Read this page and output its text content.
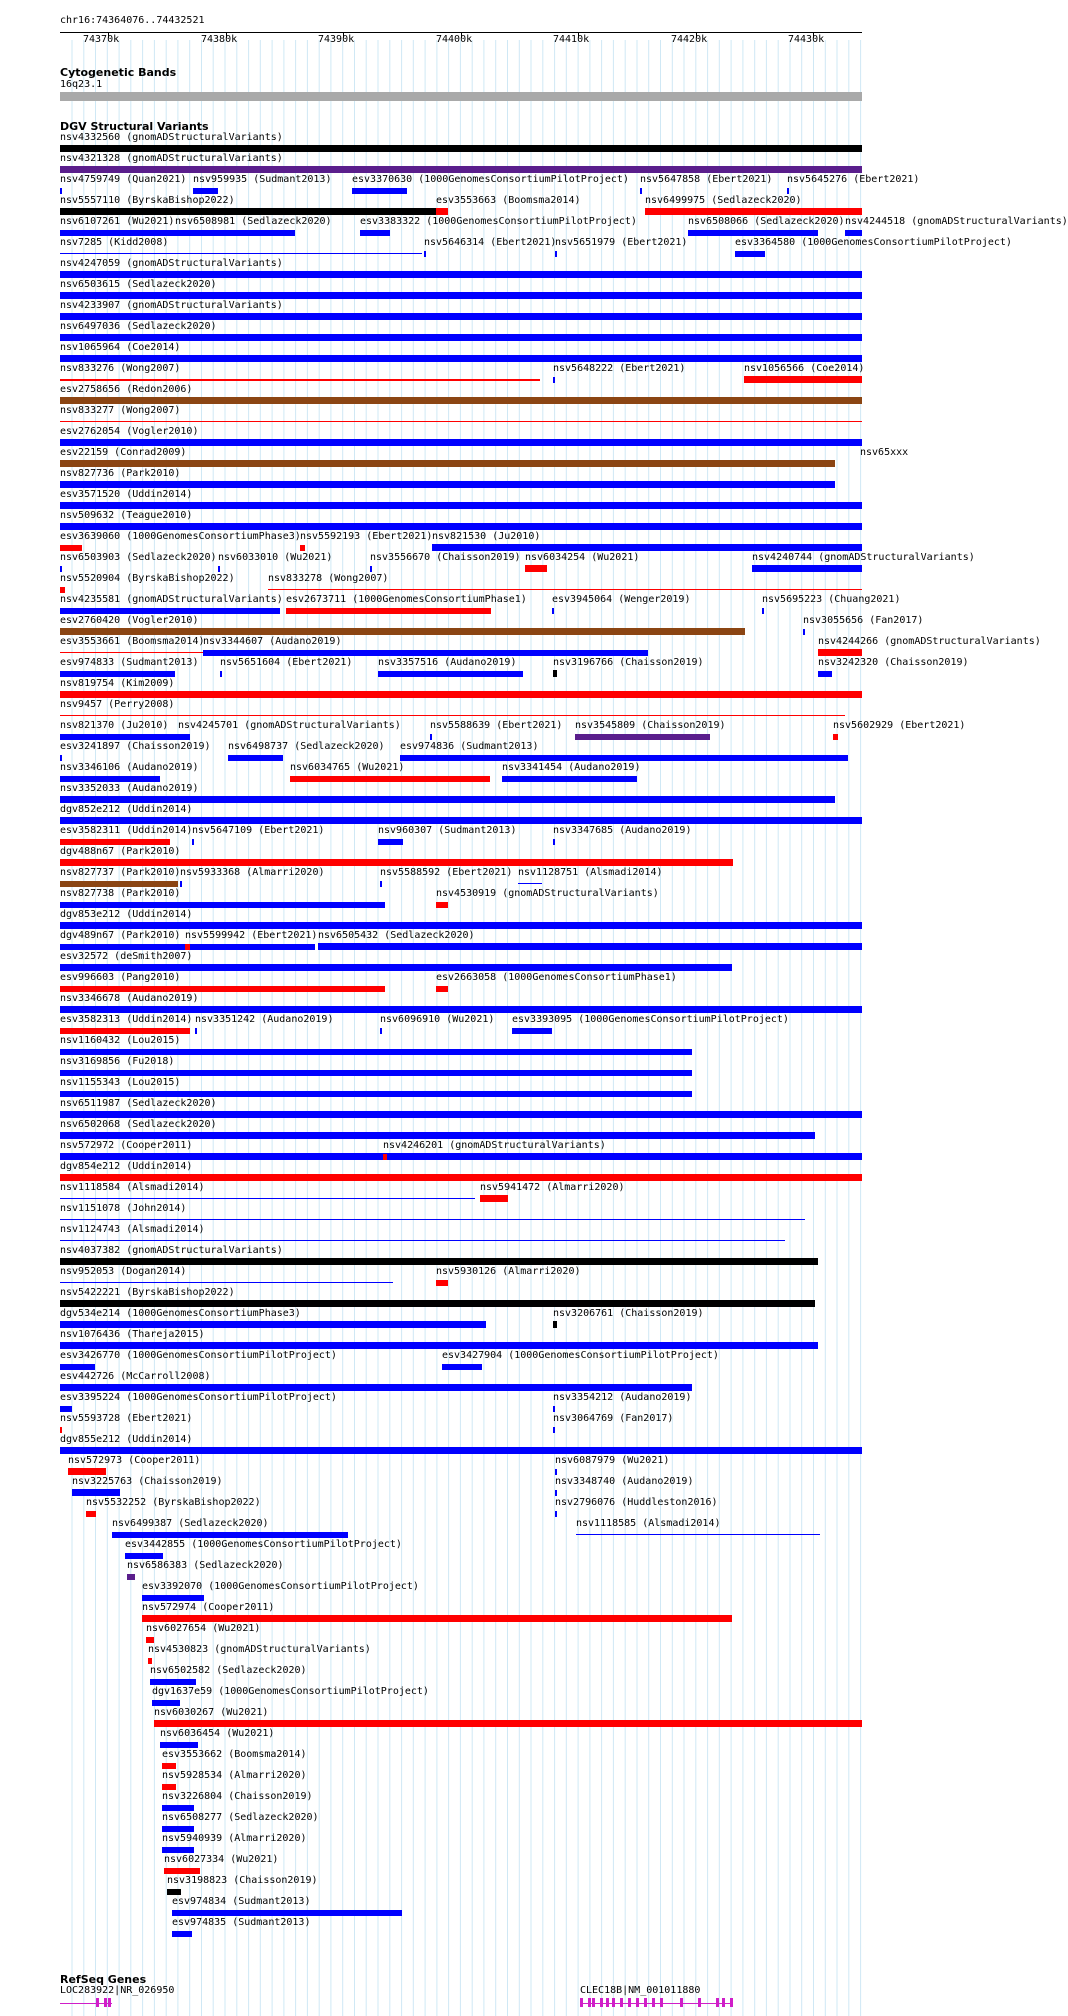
chr16:74364076..74432521
74370k	74380k	74390k	74400k	74410k	74420k	74430k
Cytogenetic Bands
16q23.1
DGV Structural Variants
nsv4332560 (gnomADStructuralVariants)
nsv4321328 (gnomADStructuralVariants)
nsv4759749 (Quan2021) nsv959935 (Sudmant2013) esv3370630 (1000GenomesConsortiumPilotProject) nsv5647858 (Ebert2021) nsv5645276 (Ebert2021)
nsv5557110 (ByrskaBishop2022)	esv3553663 (Boomsma2014)	nsv6499975 (Sedlazeck2020)
nsv6107261 (Wu2021) nsv6508981 (Sedlazeck2020)	esv3383322 (1000GenomesConsortiumPilotProject)	nsv6508066 (Sedlazeck2020) nsv4244518 (gnomADStructuralVariants)
nsv7285 (Kidd2008)	nsv5646314 (Ebert2021)
nsv5651979 (Ebert2021)	esv3364580 (1000GenomesConsortiumPilotProject)
nsv4247059 (gnomADStructuralVariants)
nsv6503615 (Sedlazeck2020)
nsv4233907 (gnomADStructuralVariants)
nsv6497036 (Sedlazeck2020)
nsv1065964 (Coe2014)
nsv833276 (Wong2007)	nsv5648222 (Ebert2021)	nsv1056566 (Coe2014)
esv2758656 (Redon2006)
nsv833277 (Wong2007)
esv2762054 (Vogler2010)
esv22159 (Conrad2009)	nsv65xxx
nsv827736 (Park2010)
esv3571520 (Uddin2014)
nsv509632 (Teague2010)
esv3639060 (1000GenomesConsortiumPhase3) nsv5592193 (Ebert2021) nsv821530 (Ju2010)
nsv6503903 (Sedlazeck2020) nsv6033010 (Wu2021)	nsv3556670 (Chaisson2019) nsv6034254 (Wu2021)	nsv4240744 (gnomADStructuralVariants)
nsv5520904 (ByrskaBishop2022)	nsv833278 (Wong2007)
nsv4235581 (gnomADStructuralVariants) esv2673711 (1000GenomesConsortiumPhase1)	esv3945064 (Wenger2019)	nsv5695223 (Chuang2021)
esv2760420 (Vogler2010)	nsv3055656 (Fan2017)
esv3553661 (Boomsma2014)
nsv3344607 (Audano2019)	nsv4244266 (gnomADStructuralVariants)
esv974833 (Sudmant2013) nsv5651604 (Ebert2021)	nsv3357516 (Audano2019)	nsv3196766 (Chaisson2019)	nsv3242320 (Chaisson2019)
nsv819754 (Kim2009)
nsv9457 (Perry2008)
nsv821370 (Ju2010) nsv4245701 (gnomADStructuralVariants)	nsv5588639 (Ebert2021) nsv3545809 (Chaisson2019)	nsv5602929 (Ebert2021)
esv3241897 (Chaisson2019) nsv6498737 (Sedlazeck2020) esv974836 (Sudmant2013)
nsv3346106 (Audano2019)	nsv6034765 (Wu2021)	nsv3341454 (Audano2019)
nsv3352033 (Audano2019)
dgv852e212 (Uddin2014)
esv3582311 (Uddin2014) nsv5647109 (Ebert2021)	nsv960307 (Sudmant2013)	nsv3347685 (Audano2019)
dgv488n67 (Park2010)
nsv827737 (Park2010) nsv5933368 (Almarri2020)	nsv5588592 (Ebert2021) nsv1128751 (Alsmadi2014)
nsv827738 (Park2010)	nsv4530919 (gnomADStructuralVariants)
dgv853e212 (Uddin2014)
dgv489n67 (Park2010) nsv5599942 (Ebert2021) nsv6505432 (Sedlazeck2020)
esv32572 (deSmith2007)
esv996603 (Pang2010)	esv2663058 (1000GenomesConsortiumPhase1)
nsv3346678 (Audano2019)
esv3582313 (Uddin2014) nsv3351242 (Audano2019)	nsv6096910 (Wu2021) esv3393095 (1000GenomesConsortiumPilotProject)
nsv1160432 (Lou2015)
nsv3169856 (Fu2018)
nsv1155343 (Lou2015)
nsv6511987 (Sedlazeck2020)
nsv6502068 (Sedlazeck2020)
nsv572972 (Cooper2011)	nsv4246201 (gnomADStructuralVariants)
dgv854e212 (Uddin2014)
nsv1118584 (Alsmadi2014)	nsv5941472 (Almarri2020)
nsv1151078 (John2014)
nsv1124743 (Alsmadi2014)
nsv4037382 (gnomADStructuralVariants)
nsv952053 (Dogan2014)	nsv5930126 (Almarri2020)
nsv5422221 (ByrskaBishop2022)
dgv534e214 (1000GenomesConsortiumPhase3)	nsv3206761 (Chaisson2019)
nsv1076436 (Thareja2015)
esv3426770 (1000GenomesConsortiumPilotProject)	esv3427904 (1000GenomesConsortiumPilotProject)
esv442726 (McCarroll2008)
esv3395224 (1000GenomesConsortiumPilotProject)	nsv3354212 (Audano2019)
nsv5593728 (Ebert2021)	nsv3064769 (Fan2017)
dgv855e212 (Uddin2014)
nsv572973 (Cooper2011)	nsv6087979 (Wu2021)
nsv3225763 (Chaisson2019)	nsv3348740 (Audano2019)
nsv5532252 (ByrskaBishop2022)	nsv2796076 (Huddleston2016)
nsv6499387 (Sedlazeck2020)	nsv1118585 (Alsmadi2014)
esv3442855 (1000GenomesConsortiumPilotProject)
nsv6586383 (Sedlazeck2020)
esv3392070 (1000GenomesConsortiumPilotProject)
nsv572974 (Cooper2011)
nsv6027654 (Wu2021)
nsv4530823 (gnomADStructuralVariants)
nsv6502582 (Sedlazeck2020)
dgv1637e59 (1000GenomesConsortiumPilotProject)
nsv6030267 (Wu2021)
nsv6036454 (Wu2021)
esv3553662 (Boomsma2014)
nsv5928534 (Almarri2020)
nsv3226804 (Chaisson2019)
nsv6508277 (Sedlazeck2020)
nsv5940939 (Almarri2020)
nsv6027334 (Wu2021)
nsv3198823 (Chaisson2019)
esv974834 (Sudmant2013)
esv974835 (Sudmant2013)
RefSeq Genes
LOC283922|NR_026950	CLEC18B|NM_001011880
